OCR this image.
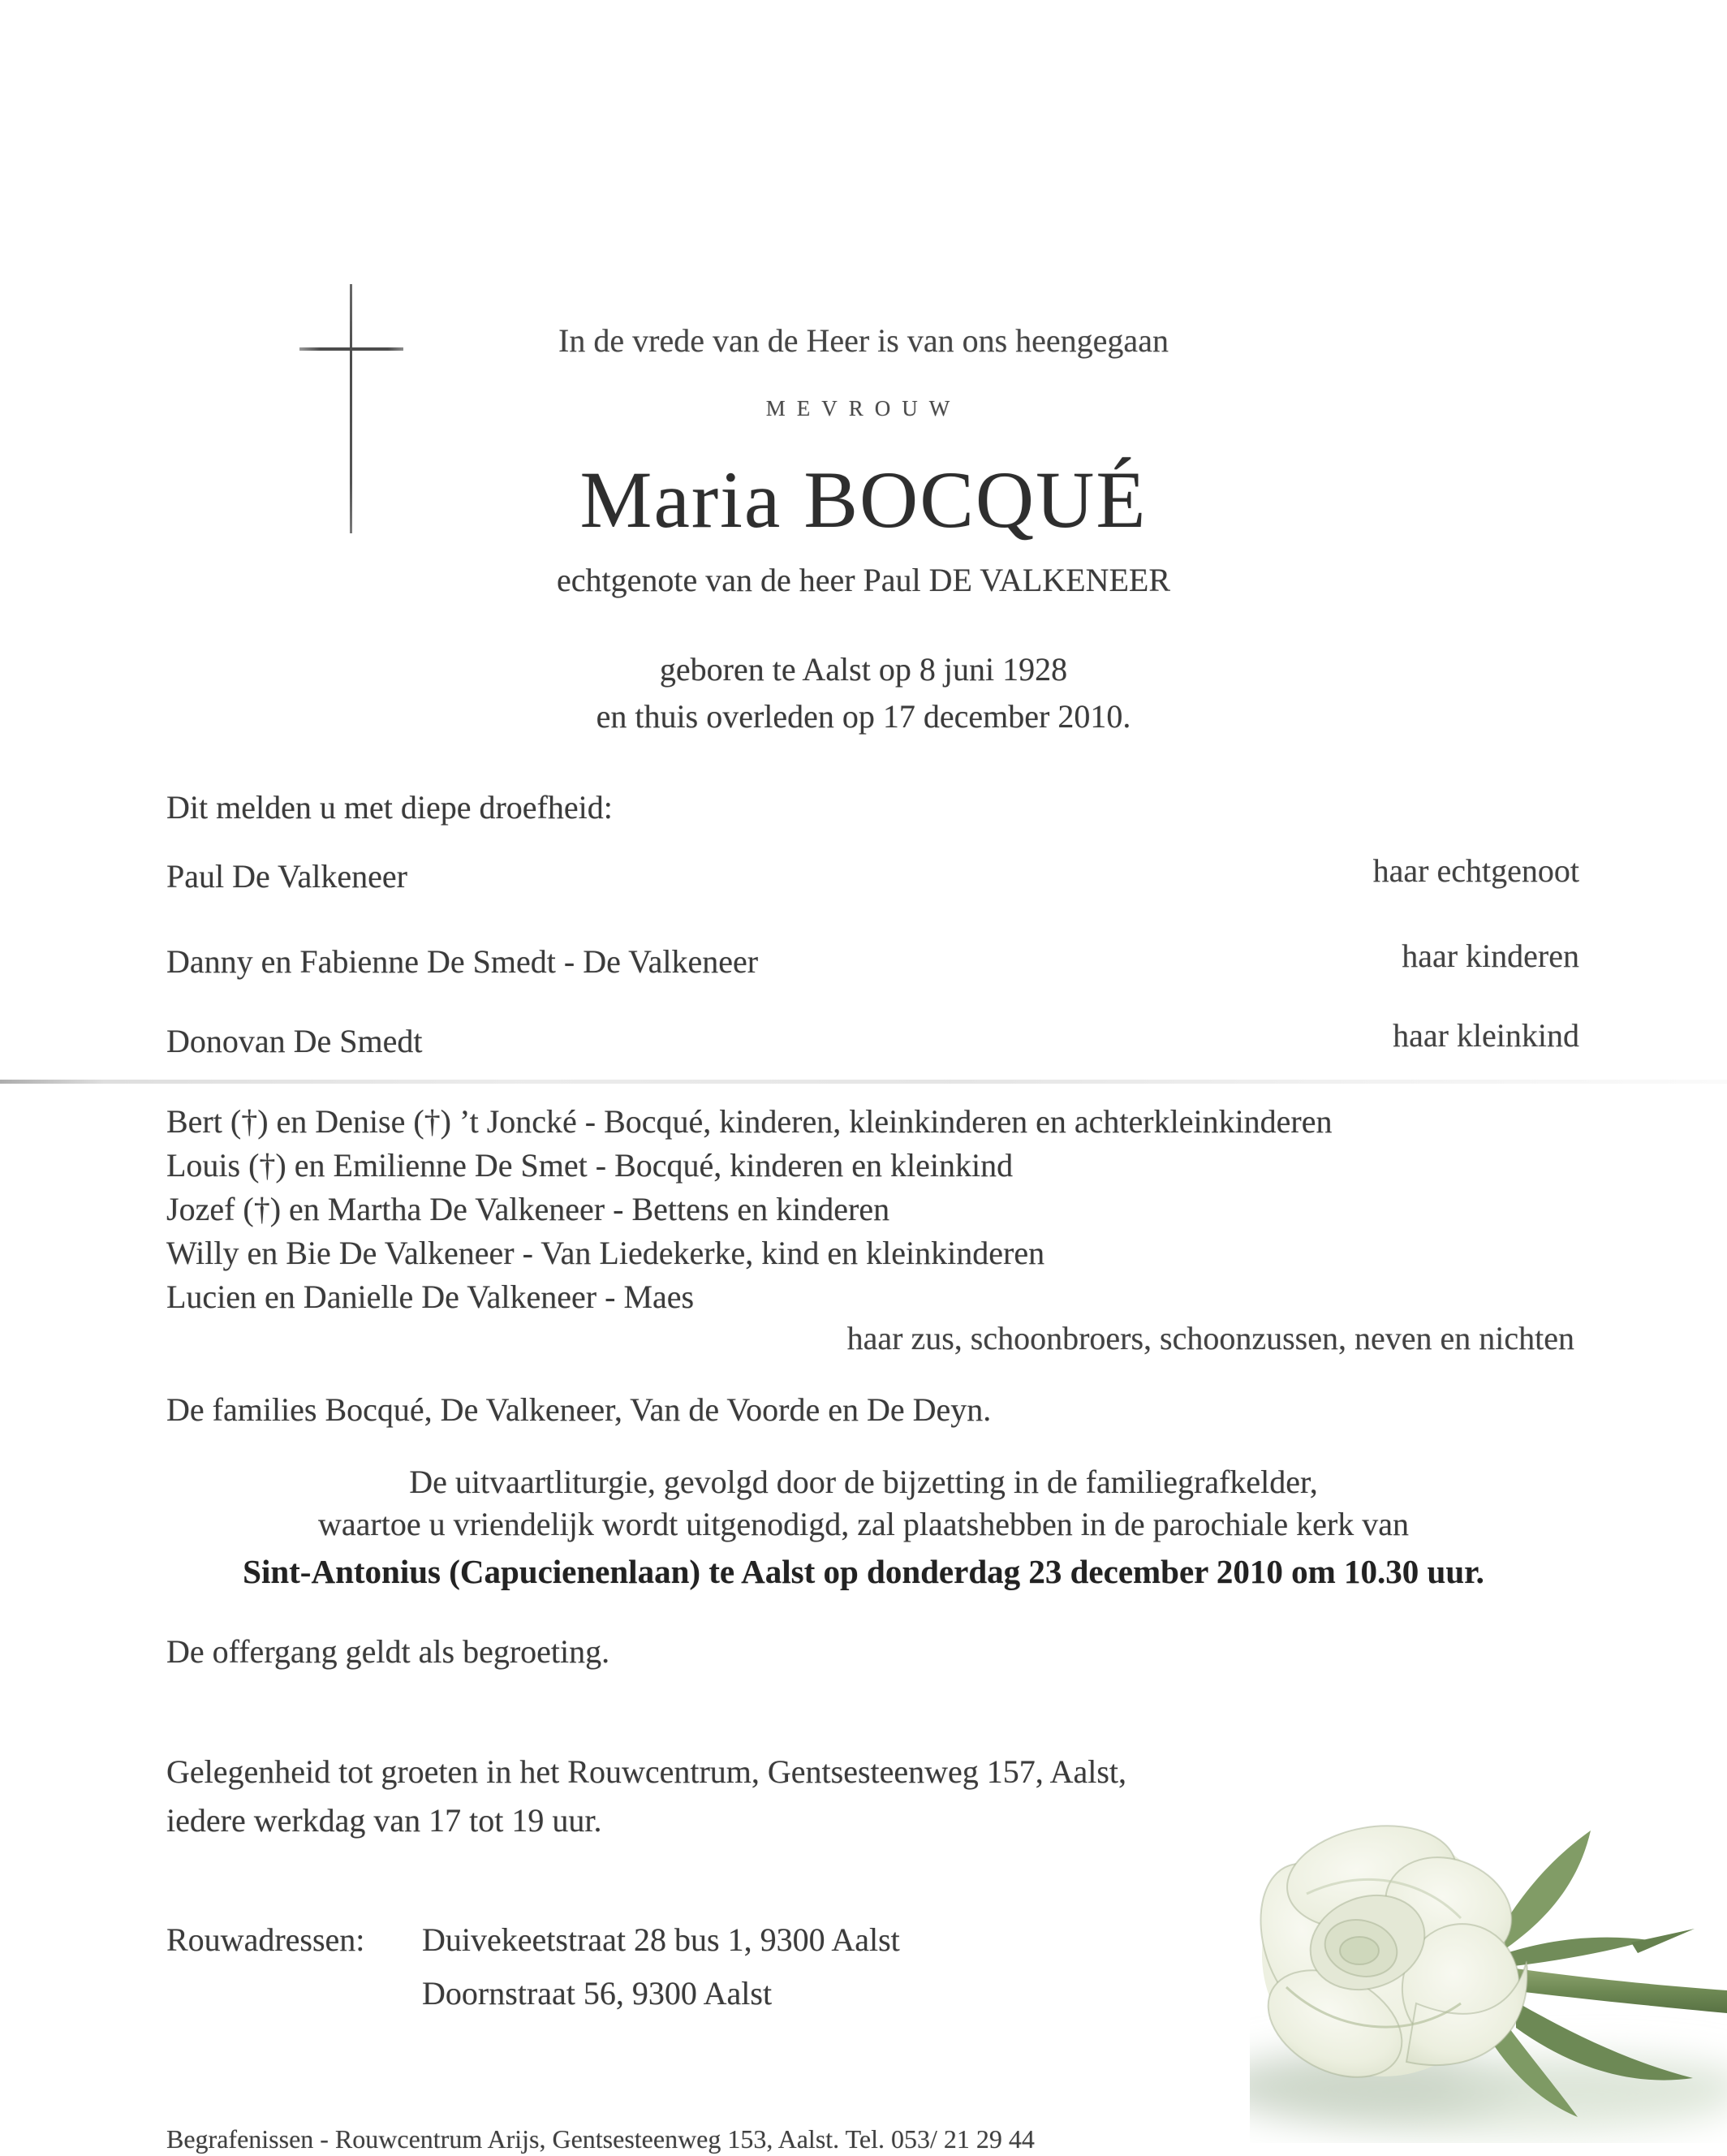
In de vrede van de Heer is van ons heengegaan
MEVROUW
Maria BOCQUÉ
echtgenote van de heer Paul DE VALKENEER
geboren te Aalst op 8 juni 1928
en thuis overleden op 17 december 2010.
Dit melden u met diepe droefheid:
Paul De Valkeneer	haar echtgenoot
Danny en Fabienne De Smedt - De Valkeneer	haar kinderen
Donovan De Smedt	haar kleinkind
Bert (†) en Denise (†) ’t Joncké - Bocqué, kinderen, kleinkinderen en achterkleinkinderen
Louis (†) en Emilienne De Smet - Bocqué, kinderen en kleinkind
Jozef (†) en Martha De Valkeneer - Bettens en kinderen
Willy en Bie De Valkeneer - Van Liedekerke, kind en kleinkinderen
Lucien en Danielle De Valkeneer - Maes
haar zus, schoonbroers, schoonzussen, neven en nichten
De families Bocqué, De Valkeneer, Van de Voorde en De Deyn.
De uitvaartliturgie, gevolgd door de bijzetting in de familiegrafkelder,
waartoe u vriendelijk wordt uitgenodigd, zal plaatshebben in de parochiale kerk van
Sint-Antonius (Capucienenlaan) te Aalst op donderdag 23 december 2010 om 10.30 uur.
De offergang geldt als begroeting.
Gelegenheid tot groeten in het Rouwcentrum, Gentsesteenweg 157, Aalst,
iedere werkdag van 17 tot 19 uur.
Rouwadressen: Duivekeetstraat 28 bus 1, 9300 Aalst
Doornstraat 56, 9300 Aalst
Begrafenissen - Rouwcentrum Arijs, Gentsesteenweg 153, Aalst. Tel. 053/ 21 29 44
